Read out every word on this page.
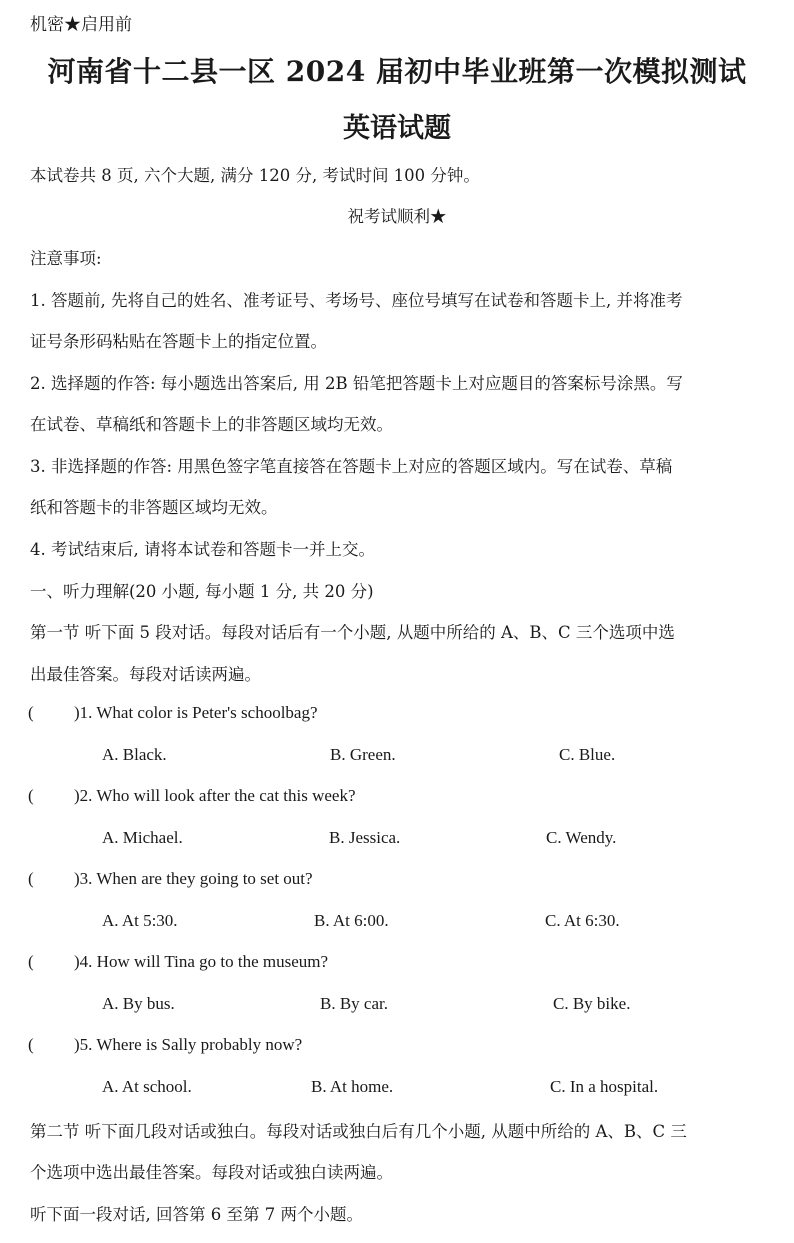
机密★启用前
河南省十二县一区 2024 届初中毕业班第一次模拟测试
英语试题
本试卷共 8 页, 六个大题, 满分 120 分, 考试时间 100 分钟。
祝考试顺利★
注意事项:
1. 答题前, 先将自己的姓名、准考证号、考场号、座位号填写在试卷和答题卡上, 并将准考
证号条形码粘贴在答题卡上的指定位置。
2. 选择题的作答: 每小题选出答案后, 用 2B 铅笔把答题卡上对应题目的答案标号涂黑。写
在试卷、草稿纸和答题卡上的非答题区域均无效。
3. 非选择题的作答: 用黑色签字笔直接答在答题卡上对应的答题区域内。写在试卷、草稿
纸和答题卡的非答题区域均无效。
4. 考试结束后, 请将本试卷和答题卡一并上交。
一、听力理解(20 小题, 每小题 1 分, 共 20 分)
第一节 听下面 5 段对话。每段对话后有一个小题, 从题中所给的 A、B、C 三个选项中选
出最佳答案。每段对话读两遍。
( )1. What color is Peter's schoolbag?
A. Black.	B. Green.	C. Blue.
( )2. Who will look after the cat this week?
A. Michael.	B. Jessica.	C. Wendy.
( )3. When are they going to set out?
A. At 5:30.	B. At 6:00.	C. At 6:30.
( )4. How will Tina go to the museum?
A. By bus.	B. By car.	C. By bike.
( )5. Where is Sally probably now?
A. At school.	B. At home.	C. In a hospital.
第二节 听下面几段对话或独白。每段对话或独白后有几个小题, 从题中所给的 A、B、C 三
个选项中选出最佳答案。每段对话或独白读两遍。
听下面一段对话, 回答第 6 至第 7 两个小题。
